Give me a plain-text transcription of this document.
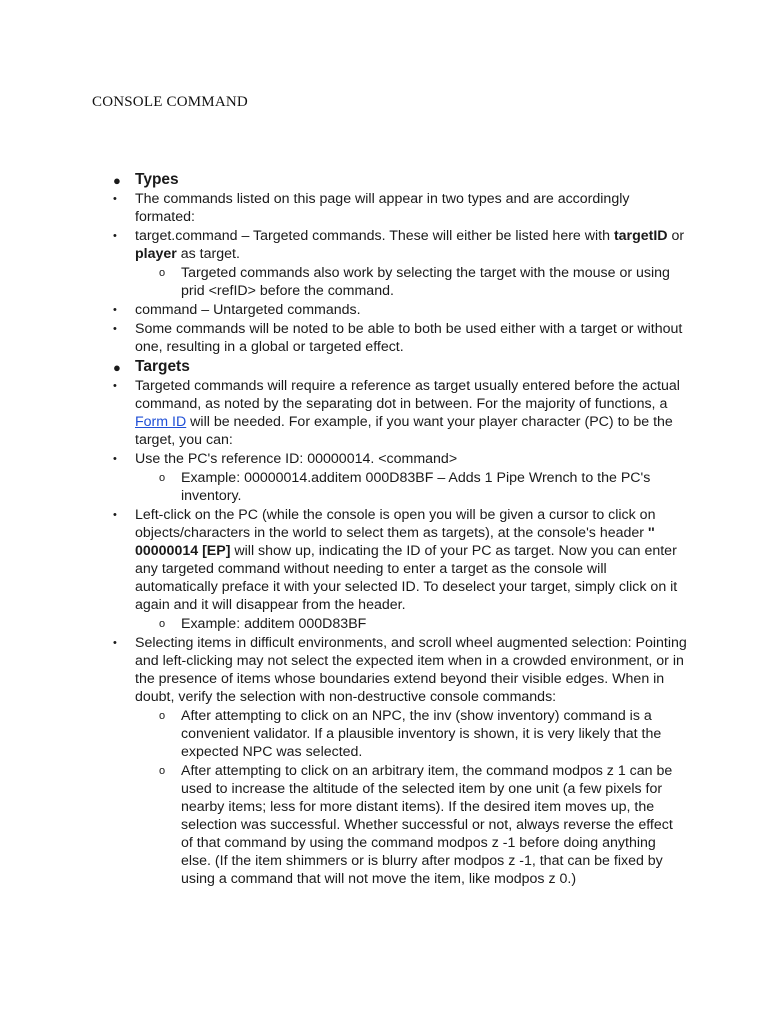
CONSOLE COMMAND
● Types
• The commands listed on this page will appear in two types and are accordingly formated:
• target.command – Targeted commands. These will either be listed here with targetID or player as target.
o Targeted commands also work by selecting the target with the mouse or using prid <refID> before the command.
• command – Untargeted commands.
• Some commands will be noted to be able to both be used either with a target or without one, resulting in a global or targeted effect.
● Targets
• Targeted commands will require a reference as target usually entered before the actual command, as noted by the separating dot in between. For the majority of functions, a Form ID will be needed. For example, if you want your player character (PC) to be the target, you can:
• Use the PC's reference ID: 00000014. <command>
o Example: 00000014.additem 000D83BF – Adds 1 Pipe Wrench to the PC's inventory.
• Left-click on the PC (while the console is open you will be given a cursor to click on objects/characters in the world to select them as targets), at the console's header '' 00000014 [EP] will show up, indicating the ID of your PC as target. Now you can enter any targeted command without needing to enter a target as the console will automatically preface it with your selected ID. To deselect your target, simply click on it again and it will disappear from the header.
o Example: additem 000D83BF
• Selecting items in difficult environments, and scroll wheel augmented selection: Pointing and left-clicking may not select the expected item when in a crowded environment, or in the presence of items whose boundaries extend beyond their visible edges. When in doubt, verify the selection with non-destructive console commands:
o After attempting to click on an NPC, the inv (show inventory) command is a convenient validator. If a plausible inventory is shown, it is very likely that the expected NPC was selected.
o After attempting to click on an arbitrary item, the command modpos z 1 can be used to increase the altitude of the selected item by one unit (a few pixels for nearby items; less for more distant items). If the desired item moves up, the selection was successful. Whether successful or not, always reverse the effect of that command by using the command modpos z -1 before doing anything else. (If the item shimmers or is blurry after modpos z -1, that can be fixed by using a command that will not move the item, like modpos z 0.)
